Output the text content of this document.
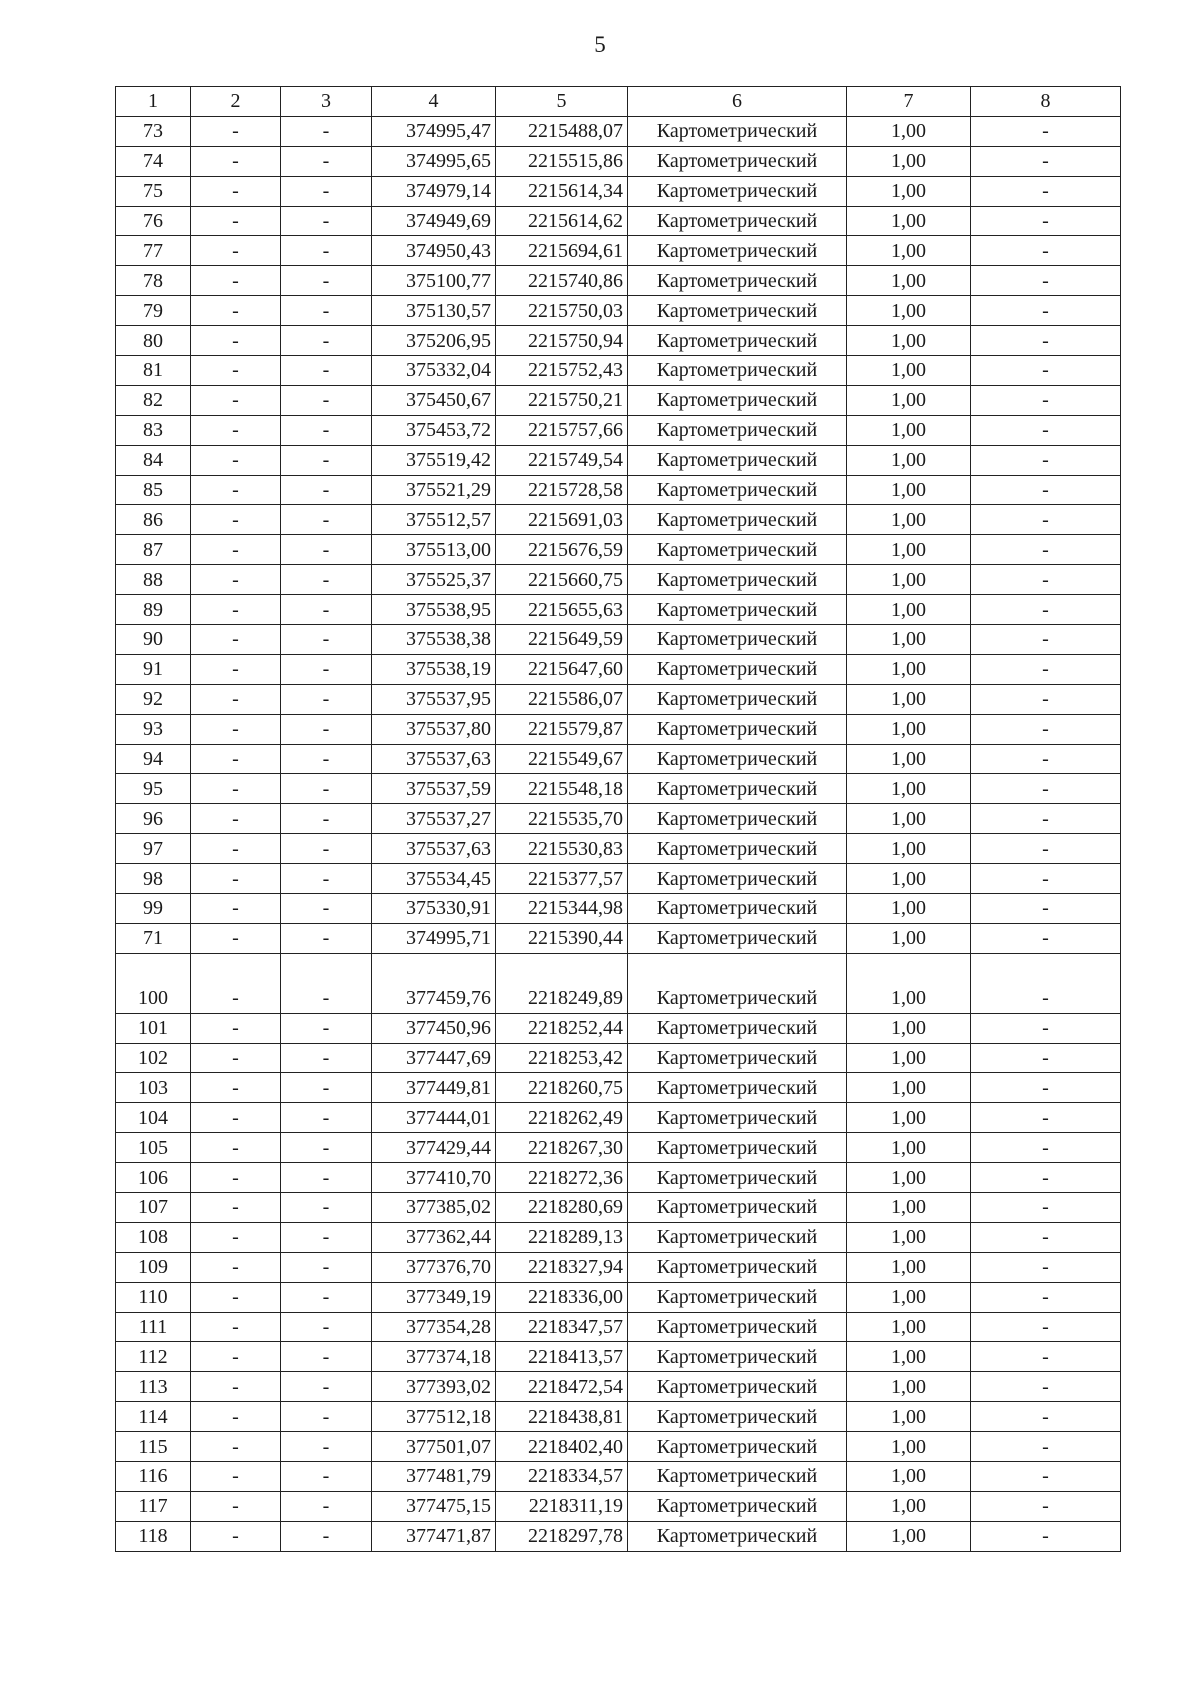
5
1	2	3	4	5	6	7	8
73	-	-	374995,47	2215488,07	Картометрический	1,00	-
74	-	-	374995,65	2215515,86	Картометрический	1,00	-
75	-	-	374979,14	2215614,34	Картометрический	1,00	-
76	-	-	374949,69	2215614,62	Картометрический	1,00	-
77	-	-	374950,43	2215694,61	Картометрический	1,00	-
78	-	-	375100,77	2215740,86	Картометрический	1,00	-
79	-	-	375130,57	2215750,03	Картометрический	1,00	-
80	-	-	375206,95	2215750,94	Картометрический	1,00	-
81	-	-	375332,04	2215752,43	Картометрический	1,00	-
82	-	-	375450,67	2215750,21	Картометрический	1,00	-
83	-	-	375453,72	2215757,66	Картометрический	1,00	-
84	-	-	375519,42	2215749,54	Картометрический	1,00	-
85	-	-	375521,29	2215728,58	Картометрический	1,00	-
86	-	-	375512,57	2215691,03	Картометрический	1,00	-
87	-	-	375513,00	2215676,59	Картометрический	1,00	-
88	-	-	375525,37	2215660,75	Картометрический	1,00	-
89	-	-	375538,95	2215655,63	Картометрический	1,00	-
90	-	-	375538,38	2215649,59	Картометрический	1,00	-
91	-	-	375538,19	2215647,60	Картометрический	1,00	-
92	-	-	375537,95	2215586,07	Картометрический	1,00	-
93	-	-	375537,80	2215579,87	Картометрический	1,00	-
94	-	-	375537,63	2215549,67	Картометрический	1,00	-
95	-	-	375537,59	2215548,18	Картометрический	1,00	-
96	-	-	375537,27	2215535,70	Картометрический	1,00	-
97	-	-	375537,63	2215530,83	Картометрический	1,00	-
98	-	-	375534,45	2215377,57	Картометрический	1,00	-
99	-	-	375330,91	2215344,98	Картометрический	1,00	-
71	-	-	374995,71	2215390,44	Картометрический	1,00	-

100	-	-	377459,76	2218249,89	Картометрический	1,00	-
101	-	-	377450,96	2218252,44	Картометрический	1,00	-
102	-	-	377447,69	2218253,42	Картометрический	1,00	-
103	-	-	377449,81	2218260,75	Картометрический	1,00	-
104	-	-	377444,01	2218262,49	Картометрический	1,00	-
105	-	-	377429,44	2218267,30	Картометрический	1,00	-
106	-	-	377410,70	2218272,36	Картометрический	1,00	-
107	-	-	377385,02	2218280,69	Картометрический	1,00	-
108	-	-	377362,44	2218289,13	Картометрический	1,00	-
109	-	-	377376,70	2218327,94	Картометрический	1,00	-
110	-	-	377349,19	2218336,00	Картометрический	1,00	-
111	-	-	377354,28	2218347,57	Картометрический	1,00	-
112	-	-	377374,18	2218413,57	Картометрический	1,00	-
113	-	-	377393,02	2218472,54	Картометрический	1,00	-
114	-	-	377512,18	2218438,81	Картометрический	1,00	-
115	-	-	377501,07	2218402,40	Картометрический	1,00	-
116	-	-	377481,79	2218334,57	Картометрический	1,00	-
117	-	-	377475,15	2218311,19	Картометрический	1,00	-
118	-	-	377471,87	2218297,78	Картометрический	1,00	-
